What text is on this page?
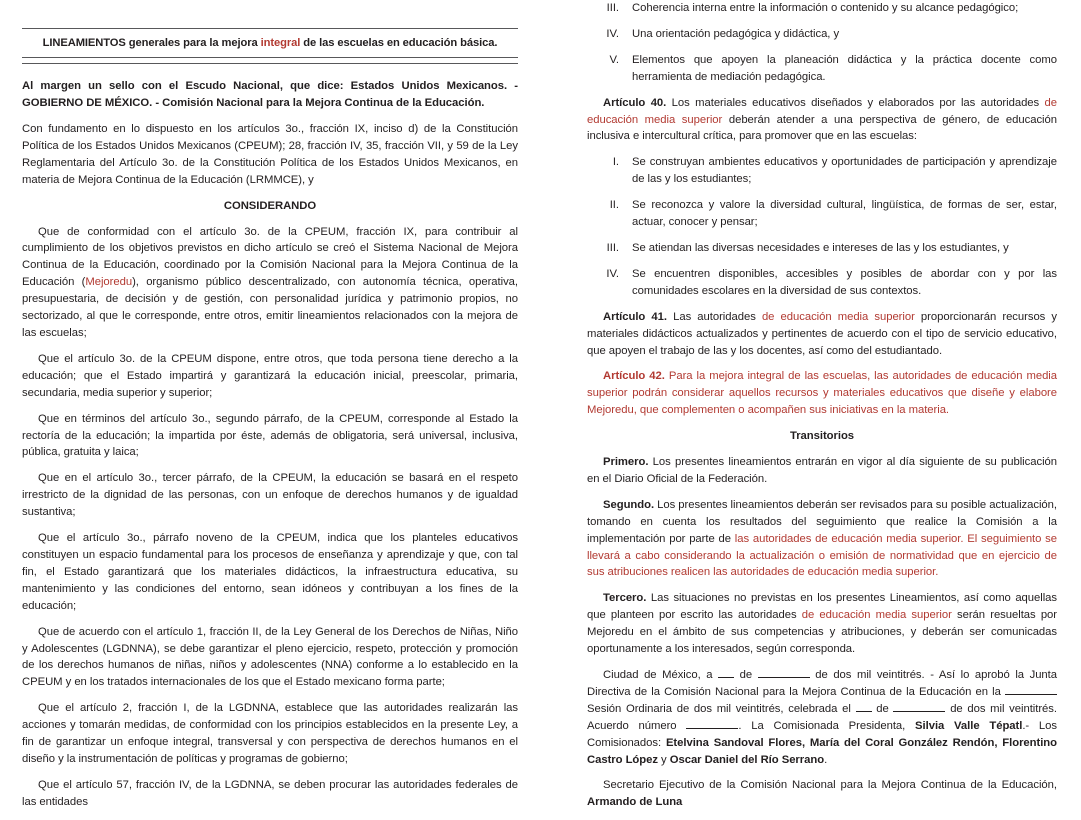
LINEAMIENTOS generales para la mejora integral de las escuelas en educación básica.

Al margen un sello con el Escudo Nacional, que dice: Estados Unidos Mexicanos. - GOBIERNO DE MÉXICO. - Comisión Nacional para la Mejora Continua de la Educación.

Con fundamento en lo dispuesto en los artículos 3o., fracción IX, inciso d) de la Constitución Política de los Estados Unidos Mexicanos (CPEUM); 28, fracción IV, 35, fracción VII, y 59 de la Ley Reglamentaria del Artículo 3o. de la Constitución Política de los Estados Unidos Mexicanos, en materia de Mejora Continua de la Educación (LRMMCE), y

CONSIDERANDO

Que de conformidad con el artículo 3o. de la CPEUM, fracción IX, para contribuir al cumplimiento de los objetivos previstos en dicho artículo se creó el Sistema Nacional de Mejora Continua de la Educación, coordinado por la Comisión Nacional para la Mejora Continua de la Educación (Mejoredu), organismo público descentralizado, con autonomía técnica, operativa, presupuestaria, de decisión y de gestión, con personalidad jurídica y patrimonio propios, no sectorizado, al que le corresponde, entre otros, emitir lineamientos relacionados con la mejora de las escuelas;

Que el artículo 3o. de la CPEUM dispone, entre otros, que toda persona tiene derecho a la educación; que el Estado impartirá y garantizará la educación inicial, preescolar, primaria, secundaria, media superior y superior;

Que en términos del artículo 3o., segundo párrafo, de la CPEUM, corresponde al Estado la rectoría de la educación; la impartida por éste, además de obligatoria, será universal, inclusiva, pública, gratuita y laica;

Que en el artículo 3o., tercer párrafo, de la CPEUM, la educación se basará en el respeto irrestricto de la dignidad de las personas, con un enfoque de derechos humanos y de igualdad sustantiva;

Que el artículo 3o., párrafo noveno de la CPEUM, indica que los planteles educativos constituyen un espacio fundamental para los procesos de enseñanza y aprendizaje y que, con tal fin, el Estado garantizará que los materiales didácticos, la infraestructura educativa, su mantenimiento y las condiciones del entorno, sean idóneos y contribuyan a los fines de la educación;

Que de acuerdo con el artículo 1, fracción II, de la Ley General de los Derechos de Niñas, Niño y Adolescentes (LGDNNA), se debe garantizar el pleno ejercicio, respeto, protección y promoción de los derechos humanos de niñas, niños y adolescentes (NNA) conforme a lo establecido en la CPEUM y en los tratados internacionales de los que el Estado mexicano forma parte;

Que el artículo 2, fracción I, de la LGDNNA, establece que las autoridades realizarán las acciones y tomarán medidas, de conformidad con los principios establecidos en la presente Ley, a fin de garantizar un enfoque integral, transversal y con perspectiva de derechos humanos en el diseño y la instrumentación de políticas y programas de gobierno;

Que el artículo 57, fracción IV, de la LGDNNA, se deben procurar las autoridades federales de las entidades

III. Coherencia interna entre la información o contenido y su alcance pedagógico;
IV. Una orientación pedagógica y didáctica, y
V. Elementos que apoyen la planeación didáctica y la práctica docente como herramienta de mediación pedagógica.

Artículo 40. Los materiales educativos diseñados y elaborados por las autoridades de educación media superior deberán atender a una perspectiva de género, de educación inclusiva e intercultural crítica, para promover que en las escuelas:

I. Se construyan ambientes educativos y oportunidades de participación y aprendizaje de las y los estudiantes;
II. Se reconozca y valore la diversidad cultural, lingüística, de formas de ser, estar, actuar, conocer y pensar;
III. Se atiendan las diversas necesidades e intereses de las y los estudiantes, y
IV. Se encuentren disponibles, accesibles y posibles de abordar con y por las comunidades escolares en la diversidad de sus contextos.

Artículo 41. Las autoridades de educación media superior proporcionarán recursos y materiales didácticos actualizados y pertinentes de acuerdo con el tipo de servicio educativo, que apoyen el trabajo de las y los docentes, así como del estudiantado.

Artículo 42. Para la mejora integral de las escuelas, las autoridades de educación media superior podrán considerar aquellos recursos y materiales educativos que diseñe y elabore Mejoredu, que complementen o acompañen sus iniciativas en la materia.

Transitorios

Primero. Los presentes lineamientos entrarán en vigor al día siguiente de su publicación en el Diario Oficial de la Federación.

Segundo. Los presentes lineamientos deberán ser revisados para su posible actualización, tomando en cuenta los resultados del seguimiento que realice la Comisión a la implementación por parte de las autoridades de educación media superior. El seguimiento se llevará a cabo considerando la actualización o emisión de normatividad que en ejercicio de sus atribuciones realicen las autoridades de educación media superior.

Tercero. Las situaciones no previstas en los presentes Lineamientos, así como aquellas que planteen por escrito las autoridades de educación media superior serán resueltas por Mejoredu en el ámbito de sus competencias y atribuciones, y deberán ser comunicadas oportunamente a los interesados, según corresponda.

Ciudad de México, a  de	de dos mil veintitrés. - Así lo aprobó la Junta Directiva de la Comisión Nacional para la Mejora Continua de la Educación en la  Sesión Ordinaria de dos mil veintitrés, celebrada el  de	de dos mil veintitrés. Acuerdo número	. La Comisionada Presidenta, Silvia Valle Tépatl.- Los Comisionados: Etelvina Sandoval Flores, María del Coral González Rendón, Florentino Castro López y Oscar Daniel del Río Serrano.

Secretario Ejecutivo de la Comisión Nacional para la Mejora Continua de la Educación, Armando de Luna
